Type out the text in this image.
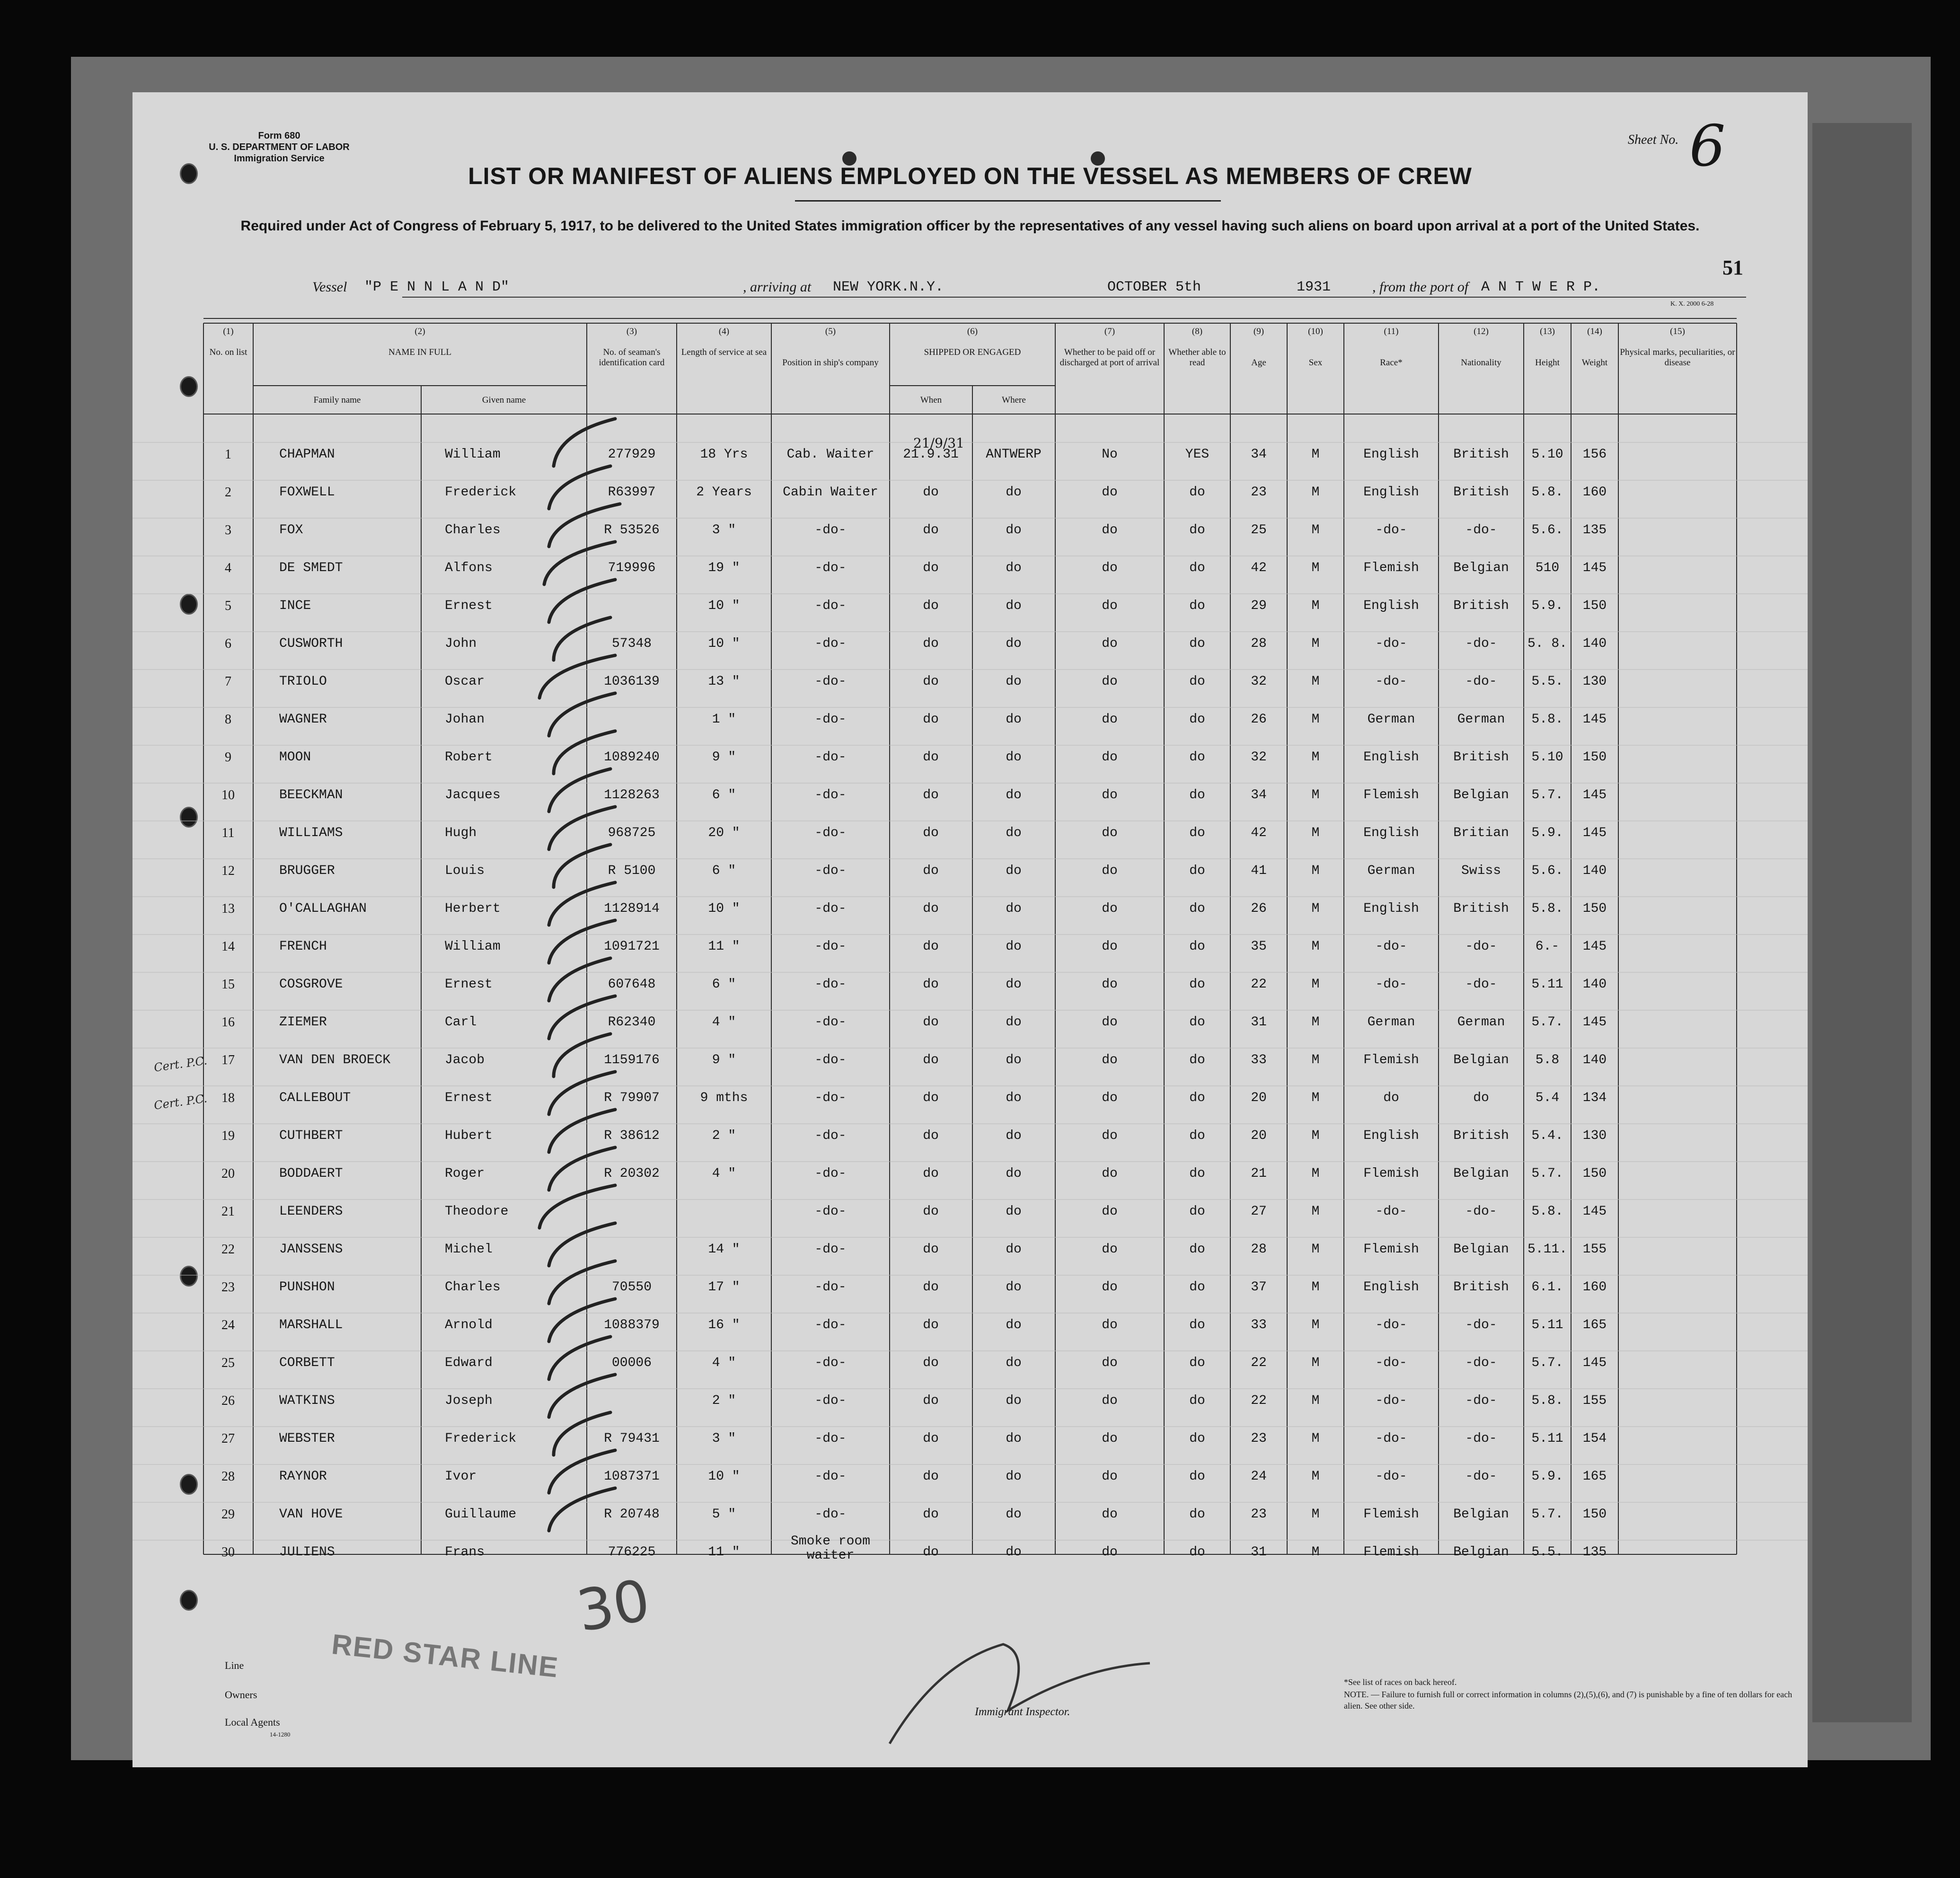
Form 680
U. S. DEPARTMENT OF LABOR
Immigration Service
Sheet No. 6
LIST OR MANIFEST OF ALIENS EMPLOYED ON THE VESSEL AS MEMBERS OF CREW
Required under Act of Congress of February 5, 1917, to be delivered to the United States immigration officer by the representatives of any vessel having such aliens on board upon arrival at a port of the United States.
51
K. X. 2000 6-28
Vessel "P E N N L A N D"	, arriving at NEW YORK.N.Y.	OCTOBER 5th	1931	, from the port of A N T W E R P.
(1)

No. on list
(2)

NAME IN FULL
Family name	Given name
(3)

No. of seaman's identification card
(4)

Length of service at sea
(5)

Position in ship's company
(6)

SHIPPED OR ENGAGED
When	Where
(7)

Whether to be paid off or discharged at port of arrival
(8)

Whether able to read
(9)

Age
(10)

Sex
(11)

Race*
(12)

Nationality
(13)

Height
(14)

Weight
(15)

Physical marks, peculiarities, or disease
1	CHAPMAN	William	277929	18 Yrs	Cab. Waiter 21.9.31 ANTWERP	No	YES	34	M	English	British 5.10 156
2	FOXWELL	Frederick	R63997	2 Years Cabin Waiter	do	do	do	do	23	M	English	British 5.8. 160
3	FOX	Charles	R 53526	3 "	-do-	do	do	do	do	25	M	-do-	-do-	5.6. 135
4	DE SMEDT	Alfons	719996	19 "	-do-	do	do	do	do	42	M	Flemish	Belgian 510 145
5	INCE	Ernest	10 "	-do-	do	do	do	do	29	M	English	British 5.9. 150
6	CUSWORTH	John	57348	10 "	-do-	do	do	do	do	28	M	-do-	-do- 5. 8. 140
7	TRIOLO	Oscar	1036139	13 "	-do-	do	do	do	do	32	M	-do-	-do-	5.5. 130
8	WAGNER	Johan	1 "	-do-	do	do	do	do	26	M	German	German 5.8. 145
9	MOON	Robert	1089240	9 "	-do-	do	do	do	do	32	M	English	British 5.10 150
10	BEECKMAN	Jacques	1128263	6 "	-do-	do	do	do	do	34	M	Flemish	Belgian 5.7. 145
11	WILLIAMS	Hugh	968725	20 "	-do-	do	do	do	do	42	M	English	Britian 5.9. 145
12	BRUGGER	Louis	R 5100	6 "	-do-	do	do	do	do	41	M	German	Swiss 5.6. 140
13	O'CALLAGHAN	Herbert	1128914	10 "	-do-	do	do	do	do	26	M	English	British 5.8. 150
14	FRENCH	William	1091721	11 "	-do-	do	do	do	do	35	M	-do-	-do-	6.- 145
15	COSGROVE	Ernest	607648	6 "	-do-	do	do	do	do	22	M	-do-	-do-	5.11 140
16	ZIEMER	Carl	R62340	4 "	-do-	do	do	do	do	31	M	German	German 5.7. 145
17	VAN DEN BROECK	Jacob	1159176	9 "	-do-	do	do	do	do	33	M	Flemish	Belgian 5.8 140
18	CALLEBOUT	Ernest	R 79907	9 mths	-do-	do	do	do	do	20	M	do	do	5.4 134
19	CUTHBERT	Hubert	R 38612	2 "	-do-	do	do	do	do	20	M	English	British 5.4. 130
20	BODDAERT	Roger	R 20302	4 "	-do-	do	do	do	do	21	M	Flemish	Belgian 5.7. 150
21	LEENDERS	Theodore	-do-	do	do	do	do	27	M	-do-	-do-	5.8. 145
22	JANSSENS	Michel	14 "	-do-	do	do	do	do	28	M	Flemish	Belgian 5.11. 155
23	PUNSHON	Charles	70550	17 "	-do-	do	do	do	do	37	M	English	British 6.1. 160
24	MARSHALL	Arnold	1088379	16 "	-do-	do	do	do	do	33	M	-do-	-do-	5.11 165
25	CORBETT	Edward	00006	4 "	-do-	do	do	do	do	22	M	-do-	-do-	5.7. 145
26	WATKINS	Joseph	2 "	-do-	do	do	do	do	22	M	-do-	-do-	5.8. 155
27	WEBSTER	Frederick	R 79431	3 "	-do-	do	do	do	do	23	M	-do-	-do-	5.11 154
28	RAYNOR	Ivor	1087371	10 "	-do-	do	do	do	do	24	M	-do-	-do-	5.9. 165
29	VAN HOVE	Guillaume	R 20748	5 "	-do-	do	do	do	do	23	M	Flemish	Belgian 5.7. 150
30	JULIENS	Frans	776225	11 "
Smoke room waiter	do	do	do	do	31	M	Flemish	Belgian 5.5. 135
21/9/31
Cert. P.C.
Cert. P.C.
30
Line
Owners
Local Agents
14-1280
RED STAR LINE
Immigrant Inspector.
*See list of races on back hereof.
NOTE. — Failure to furnish full or correct information in columns (2),(5),(6), and (7) is punishable by a fine of ten dollars for each alien. See other side.
